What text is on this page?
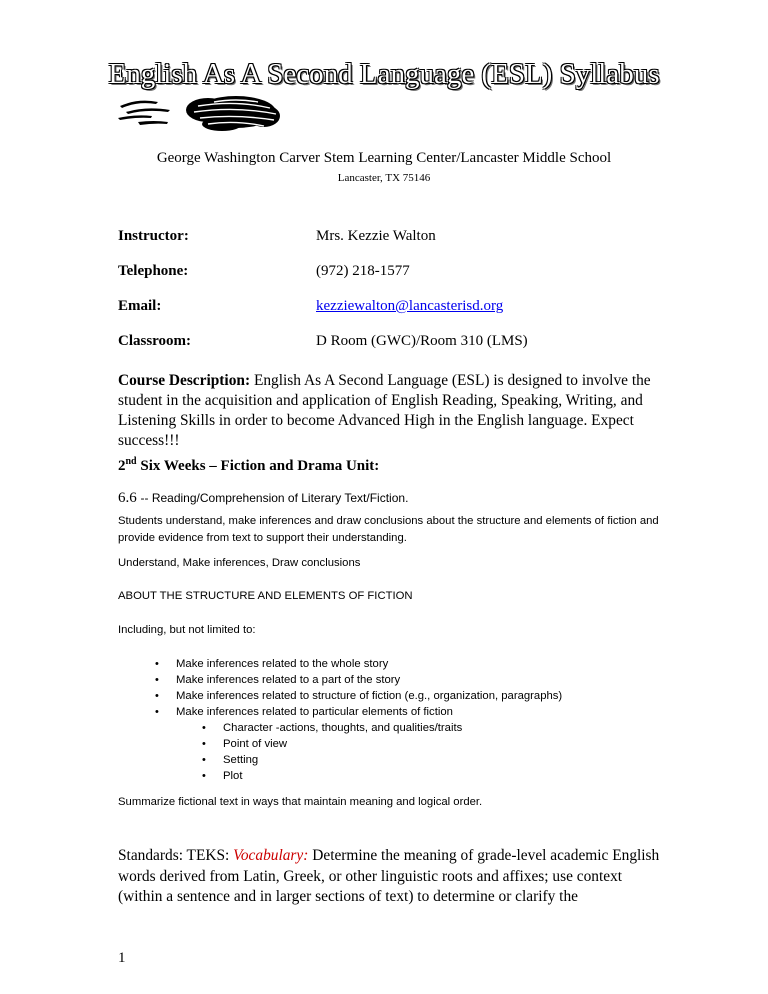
English As A Second Language (ESL) Syllabus
George Washington Carver Stem Learning Center/Lancaster Middle School
Lancaster, TX 75146
Instructor:	Mrs. Kezzie Walton
Telephone:	(972) 218-1577
Email:	kezziewalton@lancasterisd.org
Classroom:	D Room (GWC)/Room 310 (LMS)
Course Description: English As A Second Language (ESL) is designed to involve the student in the acquisition and application of English Reading, Speaking, Writing, and Listening Skills in order to become Advanced High in the English language. Expect success!!!
2nd Six Weeks – Fiction and Drama Unit:
6.6 -- Reading/Comprehension of Literary Text/Fiction.
Students understand, make inferences and draw conclusions about the structure and elements of fiction and provide evidence from text to support their understanding.
Understand, Make inferences, Draw conclusions
ABOUT THE STRUCTURE AND ELEMENTS OF FICTION
Including, but not limited to:
• Make inferences related to the whole story
• Make inferences related to a part of the story
• Make inferences related to structure of fiction (e.g., organization, paragraphs)
• Make inferences related to particular elements of fiction
• Character -actions, thoughts, and qualities/traits
• Point of view
• Setting
• Plot
Summarize fictional text in ways that maintain meaning and logical order.
Standards: TEKS: Vocabulary: Determine the meaning of grade-level academic English words derived from Latin, Greek, or other linguistic roots and affixes; use context (within a sentence and in larger sections of text) to determine or clarify the
1
